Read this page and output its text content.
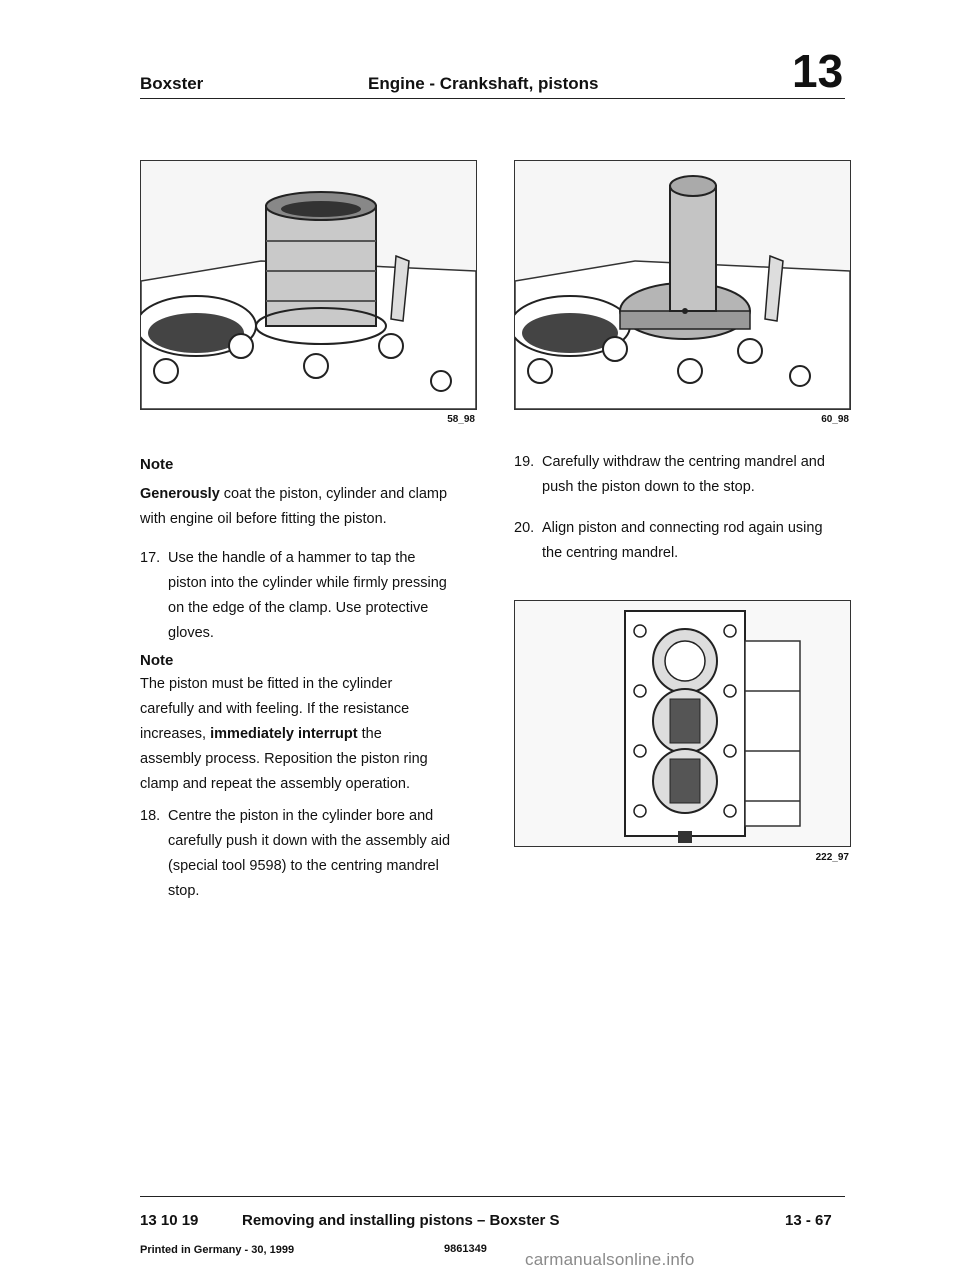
Boxster	Engine - Crankshaft, pistons	13
58_98	60_98
Note
Generously coat the piston, cylinder and clamp
with engine oil before fitting the piston.
17. Use the handle of a hammer to tap the
piston into the cylinder while firmly pressing
on the edge of the clamp. Use protective
gloves.
Note
The piston must be fitted in the cylinder
carefully and with feeling. If the resistance
increases, immediately interrupt the
assembly process. Reposition the piston ring
clamp and repeat the assembly operation.
18. Centre the piston in the cylinder bore and
carefully push it down with the assembly aid
(special tool 9598) to the centring mandrel
stop.
19. Carefully withdraw the centring mandrel and
push the piston down to the stop.
20. Align piston and connecting rod again using
the centring mandrel.
222_97
13 10 19	Removing and installing pistons – Boxster S	13 - 67
Printed in Germany - 30, 1999	9861349
carmanualsonline.info
